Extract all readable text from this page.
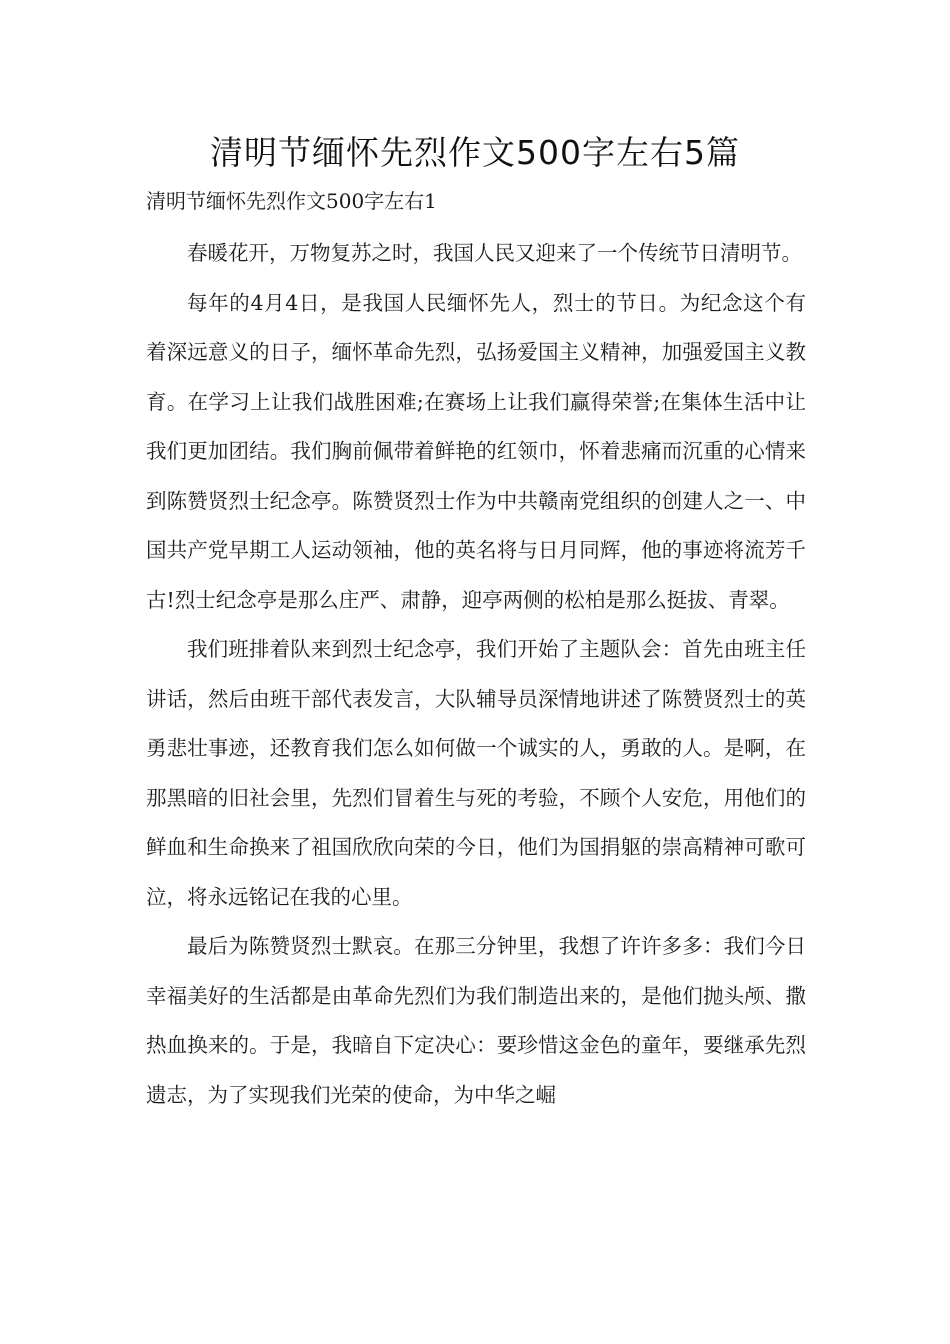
清明节缅怀先烈作文500字左右5篇
清明节缅怀先烈作文500字左右1

春暖花开，万物复苏之时，我国人民又迎来了一个传统节日清明节。

每年的4月4日，是我国人民缅怀先人，烈士的节日。为纪念这个有着深远意义的日子，缅怀革命先烈，弘扬爱国主义精神，加强爱国主义教育。在学习上让我们战胜困难;在赛场上让我们赢得荣誉;在集体生活中让我们更加团结。我们胸前佩带着鲜艳的红领巾，怀着悲痛而沉重的心情来到陈赞贤烈士纪念亭。陈赞贤烈士作为中共赣南党组织的创建人之一、中国共产党早期工人运动领袖，他的英名将与日月同辉，他的事迹将流芳千古!烈士纪念亭是那么庄严、肃静，迎亭两侧的松柏是那么挺拔、青翠。

我们班排着队来到烈士纪念亭，我们开始了主题队会：首先由班主任讲话，然后由班干部代表发言，大队辅导员深情地讲述了陈赞贤烈士的英勇悲壮事迹，还教育我们怎么如何做一个诚实的人，勇敢的人。是啊，在那黑暗的旧社会里，先烈们冒着生与死的考验，不顾个人安危，用他们的鲜血和生命换来了祖国欣欣向荣的今日，他们为国捐躯的崇高精神可歌可泣，将永远铭记在我的心里。

最后为陈赞贤烈士默哀。在那三分钟里，我想了许许多多：我们今日幸福美好的生活都是由革命先烈们为我们制造出来的，是他们抛头颅、撒热血换来的。于是，我暗自下定决心：要珍惜这金色的童年，要继承先烈遗志，为了实现我们光荣的使命，为中华之崛
